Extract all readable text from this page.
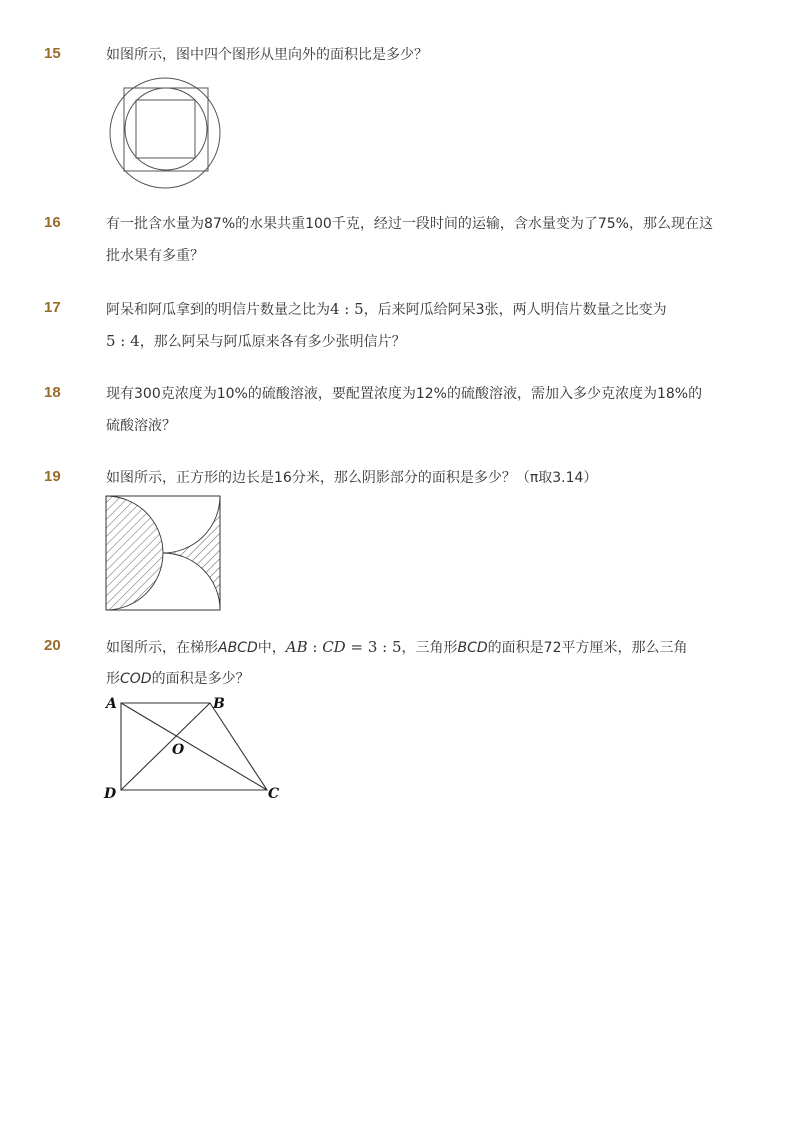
15	如图所示，图中四个图形从里向外的面积比是多少？
16	有一批含水量为87%的水果共重100千克，经过一段时间的运输，含水量变为了75%，那么现在这
批水果有多重？
17	阿呆和阿瓜拿到的明信片数量之比为4 : 5，后来阿瓜给阿呆3张，两人明信片数量之比变为
5 : 4，那么阿呆与阿瓜原来各有多少张明信片？
18	现有300克浓度为10%的硫酸溶液，要配置浓度为12%的硫酸溶液，需加入多少克浓度为18%的
硫酸溶液？
19	如图所示，正方形的边长是16分米，那么阴影部分的面积是多少？（π取3.14）
20	如图所示，在梯形ABCD中，AB : CD = 3 : 5，三角形BCD的面积是72平方厘米，那么三角
形COD的面积是多少？
A	B
O
D	C
